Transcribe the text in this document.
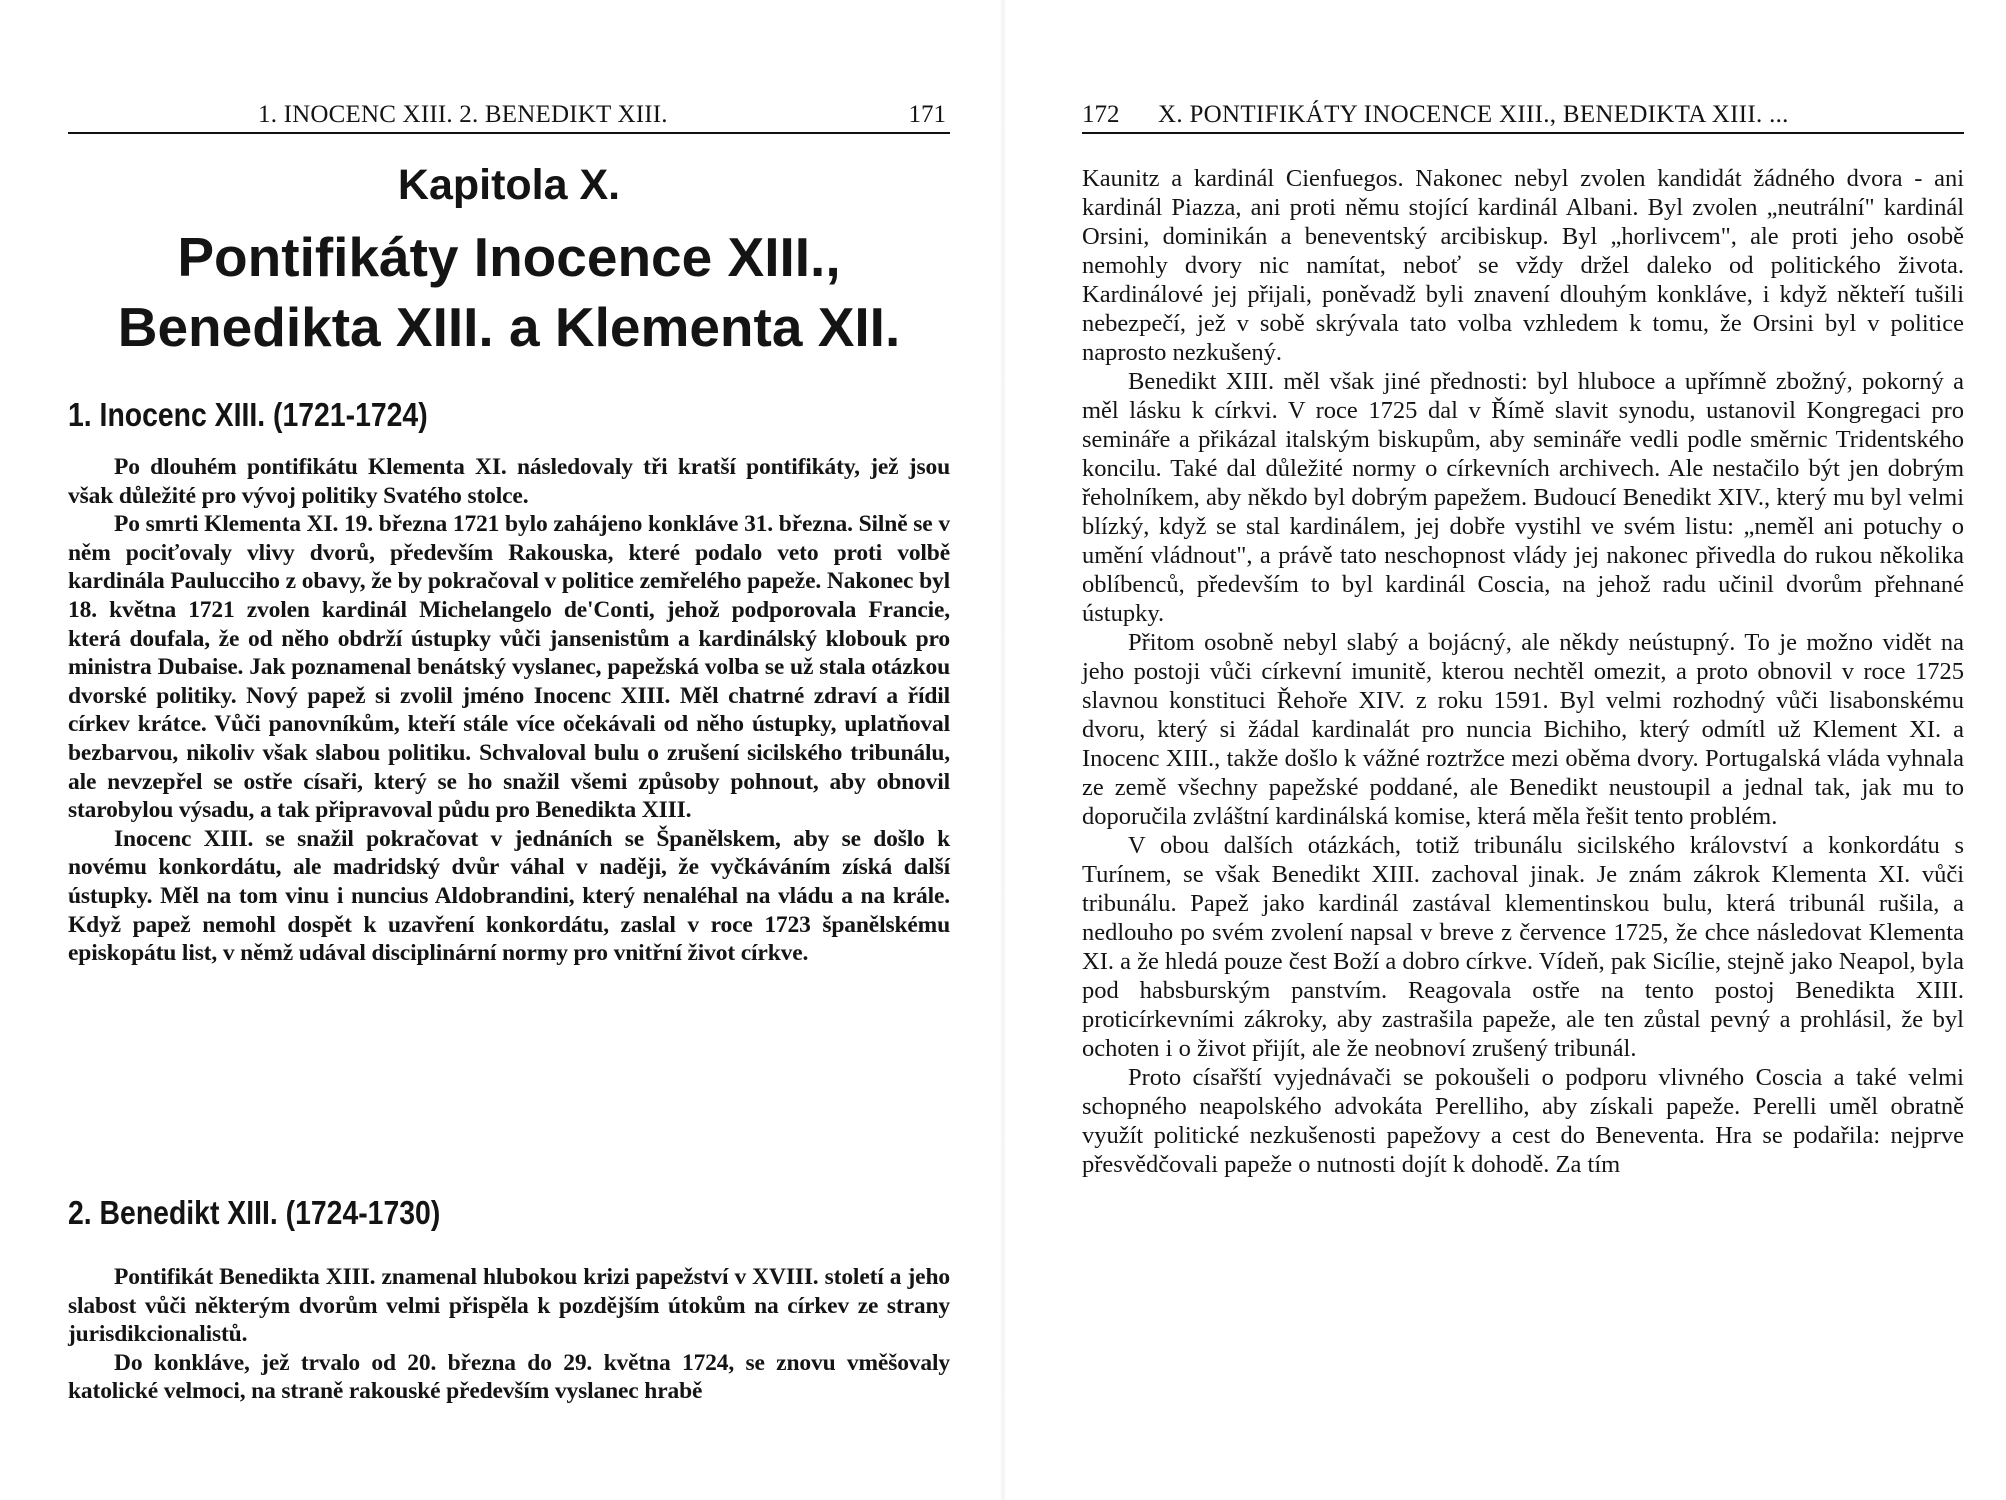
1. INOCENC XIII. 2. BENEDIKT XIII.	171
Kapitola X.
Pontifikáty Inocence XIII.,
Benedikta XIII. a Klementa XII.
1. Inocenc XIII. (1721-1724)

Po dlouhém pontifikátu Klementa XI. následovaly tři kratší pontifikáty, jež jsou však důležité pro vývoj politiky Svatého stolce.

Po smrti Klementa XI. 19. března 1721 bylo zahájeno konkláve 31. března. Silně se v něm pociťovaly vlivy dvorů, především Rakouska, které podalo veto proti volbě kardinála Paulucciho z obavy, že by pokračoval v politice zemřelého papeže. Nakonec byl 18. května 1721 zvolen kardinál Michelangelo de'Conti, jehož podporovala Francie, která doufala, že od něho obdrží ústupky vůči jansenistům a kardinálský klobouk pro ministra Dubaise. Jak poznamenal benátský vyslanec, papežská volba se už stala otázkou dvorské politiky. Nový papež si zvolil jméno Inocenc XIII. Měl chatrné zdraví a řídil církev krátce. Vůči panovníkům, kteří stále více očekávali od něho ústupky, uplatňoval bezbarvou, nikoliv však slabou politiku. Schvaloval bulu o zrušení sicilského tribunálu, ale nevzepřel se ostře císaři, který se ho snažil všemi způsoby pohnout, aby obnovil starobylou výsadu, a tak připravoval půdu pro Benedikta XIII.

Inocenc XIII. se snažil pokračovat v jednáních se Španělskem, aby se došlo k novému konkordátu, ale madridský dvůr váhal v naději, že vyčkáváním získá další ústupky. Měl na tom vinu i nuncius Aldobrandini, který nenaléhal na vládu a na krále. Když papež nemohl dospět k uzavření konkordátu, zaslal v roce 1723 španělskému episkopátu list, v němž udával disciplinární normy pro vnitřní život církve.

2. Benedikt XIII. (1724-1730)

Pontifikát Benedikta XIII. znamenal hlubokou krizi papežství v XVIII. století a jeho slabost vůči některým dvorům velmi přispěla k pozdějším útokům na církev ze strany jurisdikcionalistů.

Do konkláve, jež trvalo od 20. března do 29. května 1724, se znovu vměšovaly katolické velmoci, na straně rakouské především vyslanec hrabě

172 X. PONTIFIKÁTY INOCENCE XIII., BENEDIKTA XIII. ...

Kaunitz a kardinál Cienfuegos. Nakonec nebyl zvolen kandidát žádného dvora - ani kardinál Piazza, ani proti němu stojící kardinál Albani. Byl zvolen „neutrální" kardinál Orsini, dominikán a beneventský arcibiskup. Byl „horlivcem", ale proti jeho osobě nemohly dvory nic namítat, neboť se vždy držel daleko od politického života. Kardinálové jej přijali, poněvadž byli znavení dlouhým konkláve, i když někteří tušili nebezpečí, jež v sobě skrývala tato volba vzhledem k tomu, že Orsini byl v politice naprosto nezkušený.

Benedikt XIII. měl však jiné přednosti: byl hluboce a upřímně zbožný, pokorný a měl lásku k církvi. V roce 1725 dal v Římě slavit synodu, ustanovil Kongregaci pro semináře a přikázal italským biskupům, aby semináře vedli podle směrnic Tridentského koncilu. Také dal důležité normy o církevních archivech. Ale nestačilo být jen dobrým řeholníkem, aby někdo byl dobrým papežem. Budoucí Benedikt XIV., který mu byl velmi blízký, když se stal kardinálem, jej dobře vystihl ve svém listu: „neměl ani potuchy o umění vládnout", a právě tato neschopnost vlády jej nakonec přivedla do rukou několika oblíbenců, především to byl kardinál Coscia, na jehož radu učinil dvorům přehnané ústupky.

Přitom osobně nebyl slabý a bojácný, ale někdy neústupný. To je možno vidět na jeho postoji vůči církevní imunitě, kterou nechtěl omezit, a proto obnovil v roce 1725 slavnou konstituci Řehoře XIV. z roku 1591. Byl velmi rozhodný vůči lisabonskému dvoru, který si žádal kardinalát pro nuncia Bichiho, který odmítl už Klement XI. a Inocenc XIII., takže došlo k vážné roztržce mezi oběma dvory. Portugalská vláda vyhnala ze země všechny papežské poddané, ale Benedikt neustoupil a jednal tak, jak mu to doporučila zvláštní kardinálská komise, která měla řešit tento problém.

V obou dalších otázkách, totiž tribunálu sicilského království a konkordátu s Turínem, se však Benedikt XIII. zachoval jinak. Je znám zákrok Klementa XI. vůči tribunálu. Papež jako kardinál zastával klementinskou bulu, která tribunál rušila, a nedlouho po svém zvolení napsal v breve z července 1725, že chce následovat Klementa XI. a že hledá pouze čest Boží a dobro církve. Vídeň, pak Sicílie, stejně jako Neapol, byla pod habsburským panstvím. Reagovala ostře na tento postoj Benedikta XIII. proticírkevními zákroky, aby zastrašila papeže, ale ten zůstal pevný a prohlásil, že byl ochoten i o život přijít, ale že neobnoví zrušený tribunál.

Proto císařští vyjednávači se pokoušeli o podporu vlivného Coscia a také velmi schopného neapolského advokáta Perelliho, aby získali papeže. Perelli uměl obratně využít politické nezkušenosti papežovy a cest do Beneventa. Hra se podařila: nejprve přesvědčovali papeže o nutnosti dojít k dohodě. Za tím
